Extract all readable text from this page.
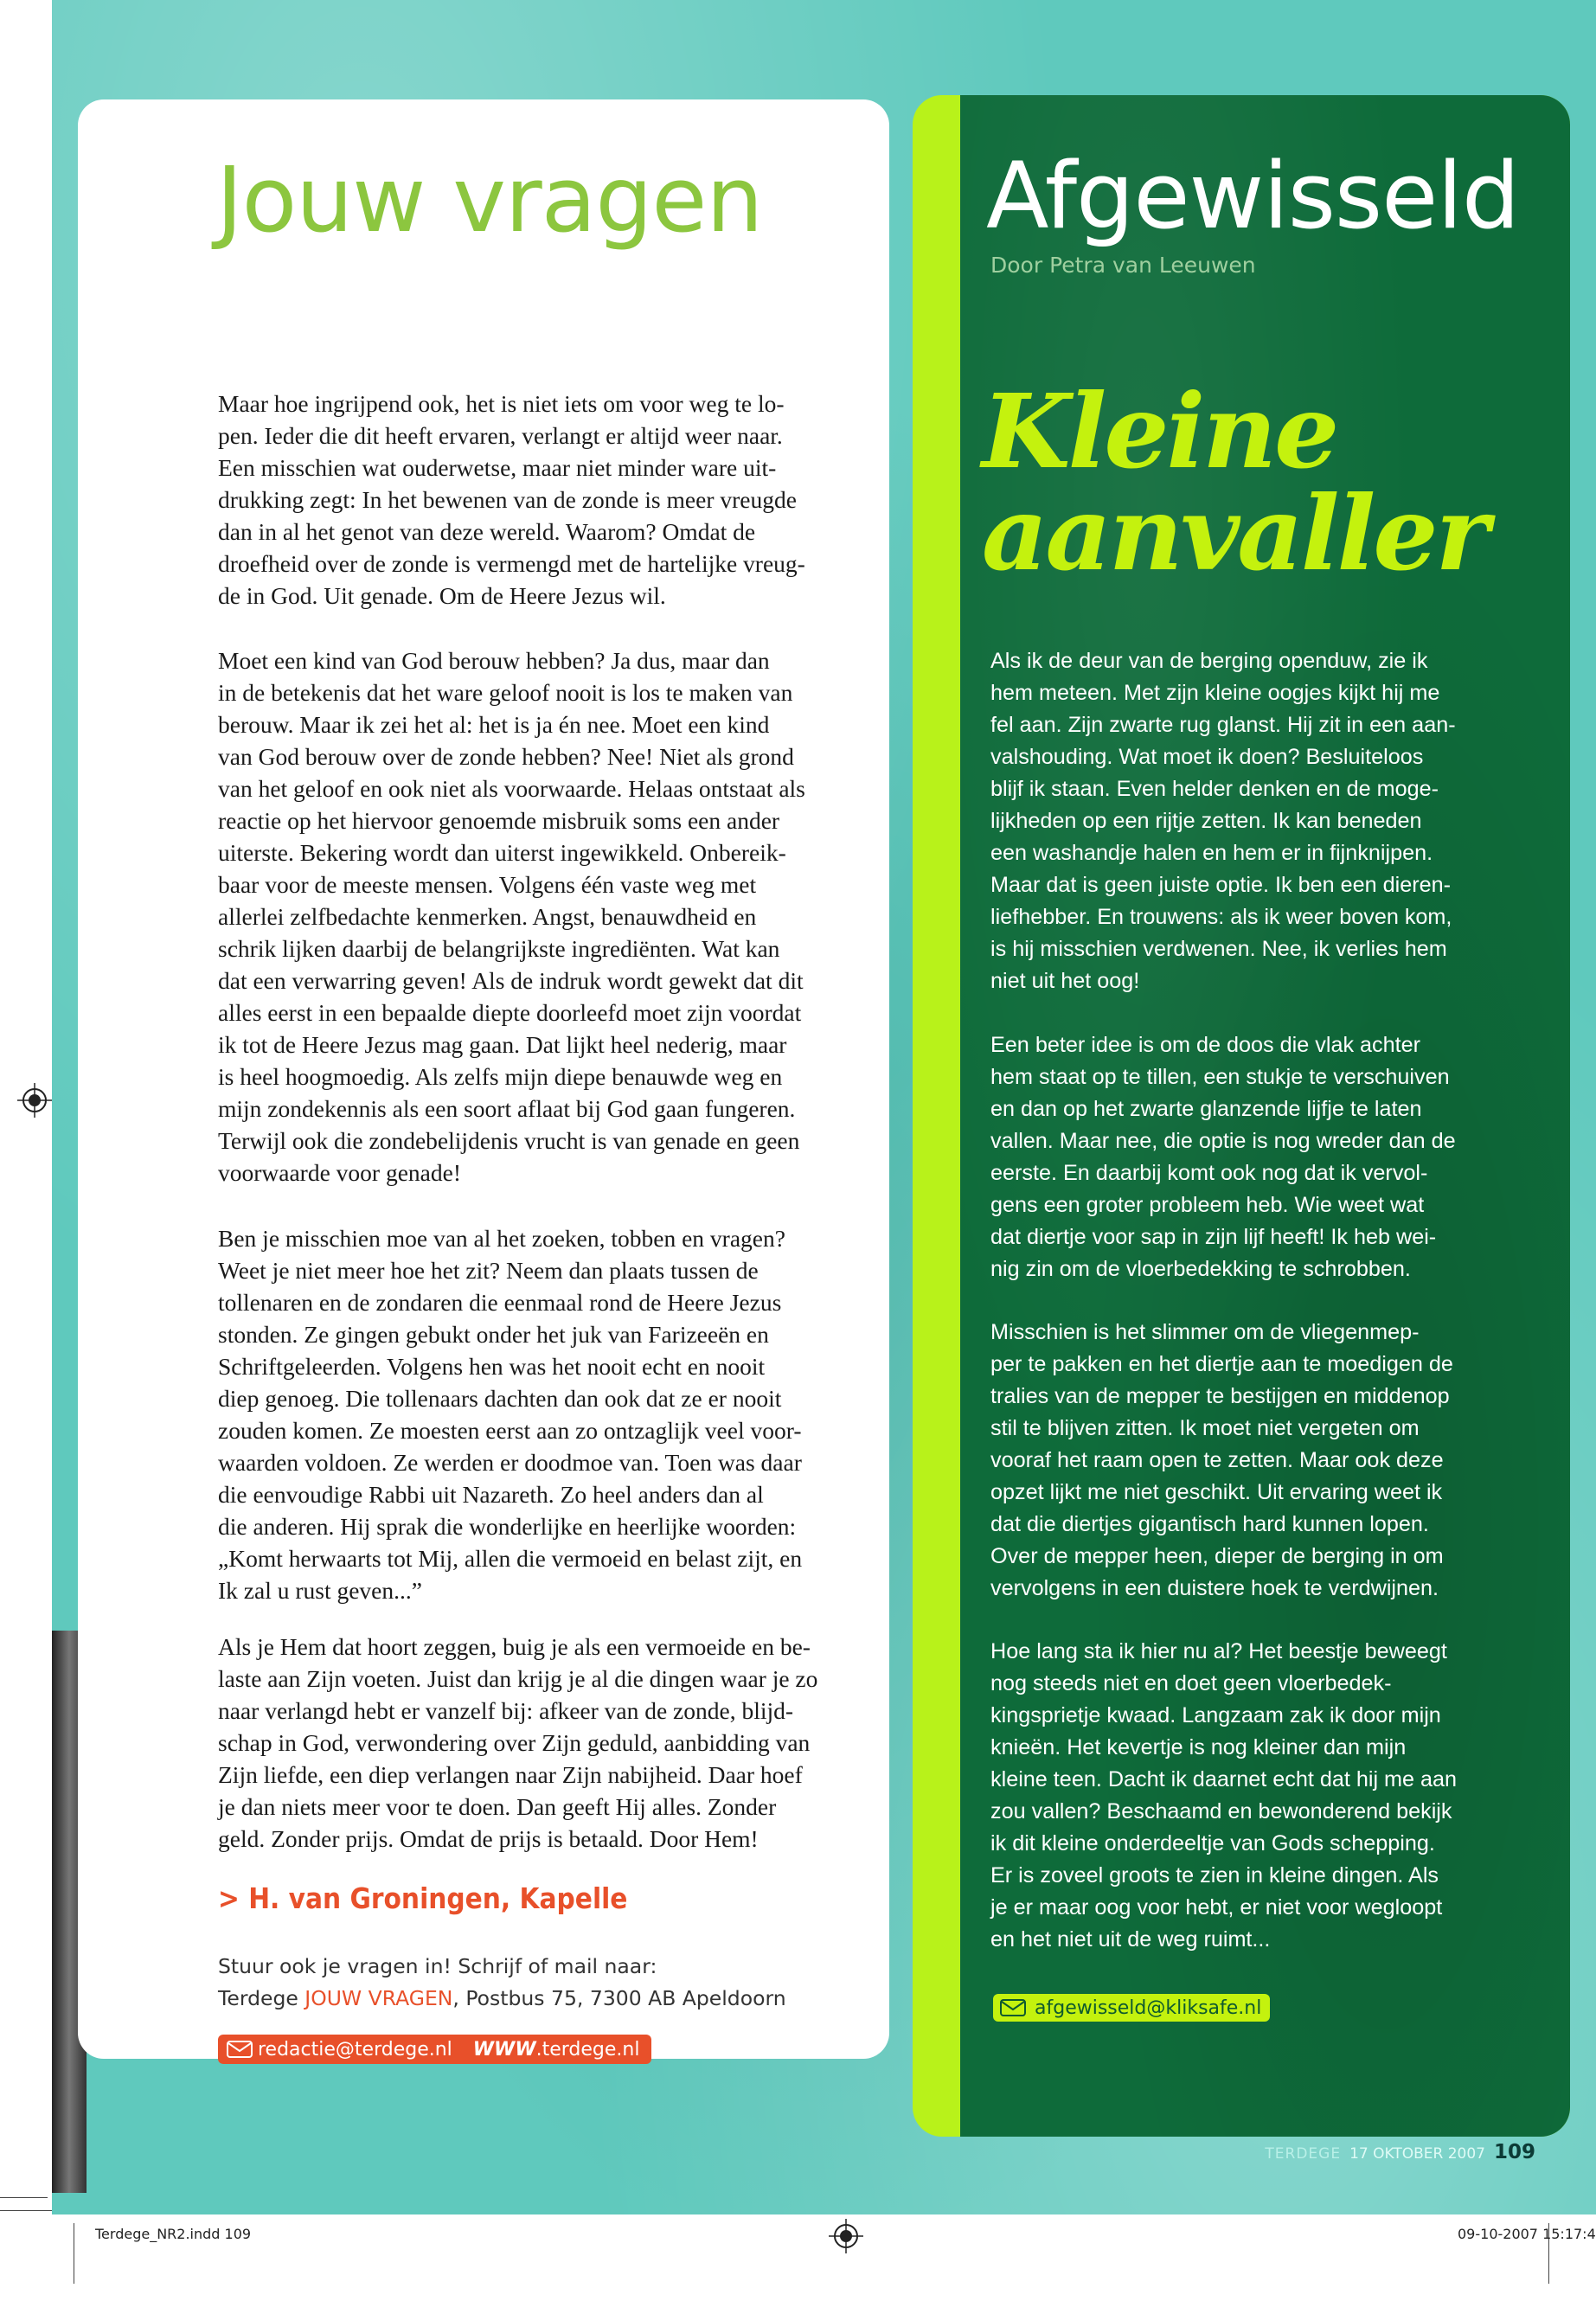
Jouw vragen

Maar hoe ingrijpend ook, het is niet iets om voor weg te lo-
pen. Ieder die dit heeft ervaren, verlangt er altijd weer naar.
Een misschien wat ouderwetse, maar niet minder ware uit-
drukking zegt: In het bewenen van de zonde is meer vreugde
dan in al het genot van deze wereld. Waarom? Omdat de
droefheid over de zonde is vermengd met de hartelijke vreug-
de in God. Uit genade. Om de Heere Jezus wil.

Moet een kind van God berouw hebben? Ja dus, maar dan
in de betekenis dat het ware geloof nooit is los te maken van
berouw. Maar ik zei het al: het is ja én nee. Moet een kind
van God berouw over de zonde hebben? Nee! Niet als grond
van het geloof en ook niet als voorwaarde. Helaas ontstaat als
reactie op het hiervoor genoemde misbruik soms een ander
uiterste. Bekering wordt dan uiterst ingewikkeld. Onbereik-
baar voor de meeste mensen. Volgens één vaste weg met
allerlei zelfbedachte kenmerken. Angst, benauwdheid en
schrik lijken daarbij de belangrijkste ingrediënten. Wat kan
dat een verwarring geven! Als de indruk wordt gewekt dat dit
alles eerst in een bepaalde diepte doorleefd moet zijn voordat
ik tot de Heere Jezus mag gaan. Dat lijkt heel nederig, maar
is heel hoogmoedig. Als zelfs mijn diepe benauwde weg en
mijn zondekennis als een soort aflaat bij God gaan fungeren.
Terwijl ook die zondebelijdenis vrucht is van genade en geen
voorwaarde voor genade!

Ben je misschien moe van al het zoeken, tobben en vragen?
Weet je niet meer hoe het zit? Neem dan plaats tussen de
tollenaren en de zondaren die eenmaal rond de Heere Jezus
stonden. Ze gingen gebukt onder het juk van Farizeeën en
Schriftgeleerden. Volgens hen was het nooit echt en nooit
diep genoeg. Die tollenaars dachten dan ook dat ze er nooit
zouden komen. Ze moesten eerst aan zo ontzaglijk veel voor-
waarden voldoen. Ze werden er doodmoe van. Toen was daar
die eenvoudige Rabbi uit Nazareth. Zo heel anders dan al
die anderen. Hij sprak die wonderlijke en heerlijke woorden:
„Komt herwaarts tot Mij, allen die vermoeid en belast zijt, en
Ik zal u rust geven...”

Als je Hem dat hoort zeggen, buig je als een vermoeide en be-
laste aan Zijn voeten. Juist dan krijg je al die dingen waar je zo
naar verlangd hebt er vanzelf bij: afkeer van de zonde, blijd-
schap in God, verwondering over Zijn geduld, aanbidding van
Zijn liefde, een diep verlangen naar Zijn nabijheid. Daar hoef
je dan niets meer voor te doen. Dan geeft Hij alles. Zonder
geld. Zonder prijs. Omdat de prijs is betaald. Door Hem!

> H. van Groningen, Kapelle
Stuur ook je vragen in! Schrijf of mail naar:
Terdege JOUW VRAGEN, Postbus 75, 7300 AB Apeldoorn
redactie@terdege.nl WWW.terdege.nl
Afgewisseld
Door Petra van Leeuwen
Kleine
aanvaller

Als ik de deur van de berging openduw, zie ik
hem meteen. Met zijn kleine oogjes kijkt hij me
fel aan. Zijn zwarte rug glanst. Hij zit in een aan-
valshouding. Wat moet ik doen? Besluiteloos
blijf ik staan. Even helder denken en de moge-
lijkheden op een rijtje zetten. Ik kan beneden
een washandje halen en hem er in fijnknijpen.
Maar dat is geen juiste optie. Ik ben een dieren-
liefhebber. En trouwens: als ik weer boven kom,
is hij misschien verdwenen. Nee, ik verlies hem
niet uit het oog!

Een beter idee is om de doos die vlak achter
hem staat op te tillen, een stukje te verschuiven
en dan op het zwarte glanzende lijfje te laten
vallen. Maar nee, die optie is nog wreder dan de
eerste. En daarbij komt ook nog dat ik vervol-
gens een groter probleem heb. Wie weet wat
dat diertje voor sap in zijn lijf heeft! Ik heb wei-
nig zin om de vloerbedekking te schrobben.

Misschien is het slimmer om de vliegenmep-
per te pakken en het diertje aan te moedigen de
tralies van de mepper te bestijgen en middenop
stil te blijven zitten. Ik moet niet vergeten om
vooraf het raam open te zetten. Maar ook deze
opzet lijkt me niet geschikt. Uit ervaring weet ik
dat die diertjes gigantisch hard kunnen lopen.
Over de mepper heen, dieper de berging in om
vervolgens in een duistere hoek te verdwijnen.

Hoe lang sta ik hier nu al? Het beestje beweegt
nog steeds niet en doet geen vloerbedek-
kingsprietje kwaad. Langzaam zak ik door mijn
knieën. Het kevertje is nog kleiner dan mijn
kleine teen. Dacht ik daarnet echt dat hij me aan
zou vallen? Beschaamd en bewonderend bekijk
ik dit kleine onderdeeltje van Gods schepping.
Er is zoveel groots te zien in kleine dingen. Als
je er maar oog voor hebt, er niet voor wegloopt
en het niet uit de weg ruimt...

afgewisseld@kliksafe.nl
TERDEGE 17 OKTOBER 2007 109
Terdege_NR2.indd 109	09-10-2007 15:17:4
